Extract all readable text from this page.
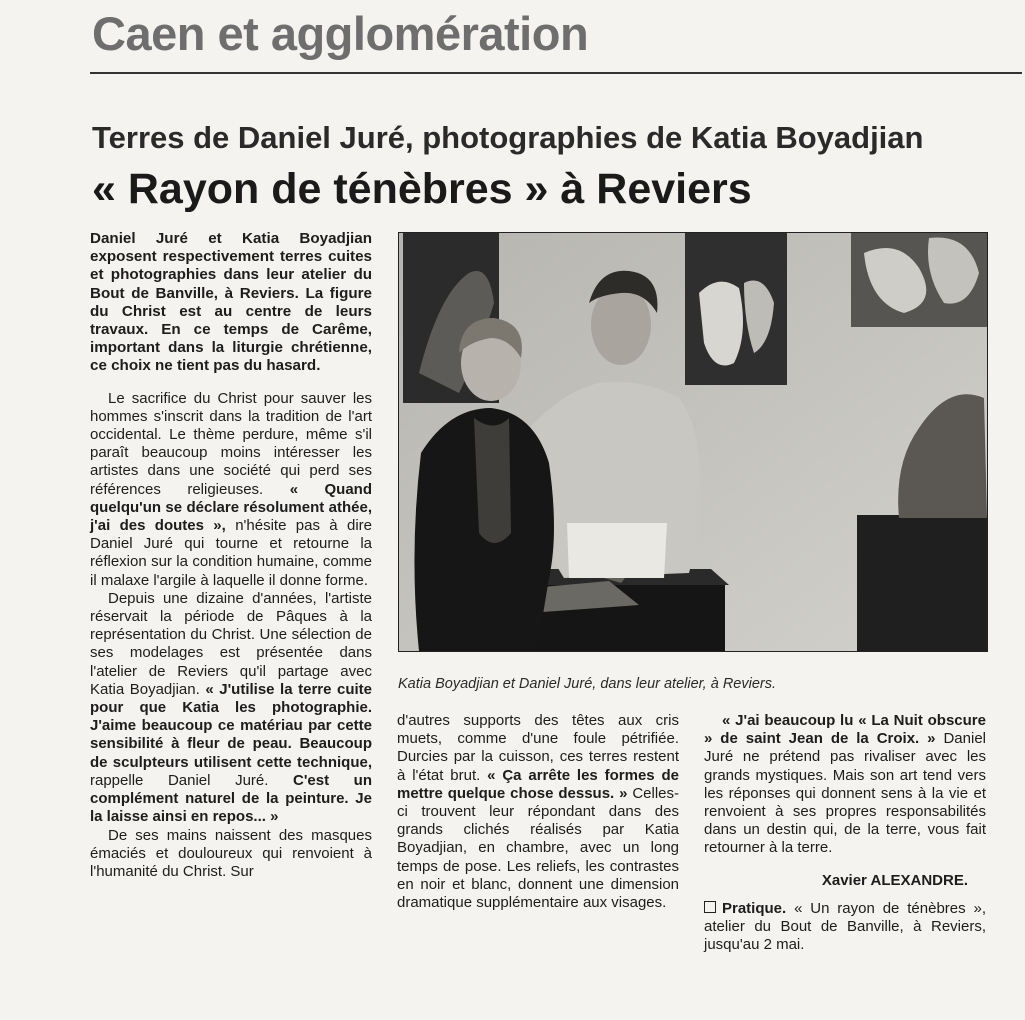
Caen et agglomération
Terres de Daniel Juré, photographies de Katia Boyadjian
« Rayon de ténèbres » à Reviers

Daniel Juré et Katia Boyadjian exposent respectivement terres cuites et photographies dans leur atelier du Bout de Banville, à Reviers. La figure du Christ est au centre de leurs travaux. En ce temps de Carême, important dans la liturgie chrétienne, ce choix ne tient pas du hasard.

Le sacrifice du Christ pour sauver les hommes s'inscrit dans la tradition de l'art occidental. Le thème perdure, même s'il paraît beaucoup moins intéresser les artistes dans une société qui perd ses références religieuses. « Quand quelqu'un se déclare résolument athée, j'ai des doutes », n'hésite pas à dire Daniel Juré qui tourne et retourne la réflexion sur la condition humaine, comme il malaxe l'argile à laquelle il donne forme.

Depuis une dizaine d'années, l'artiste réservait la période de Pâques à la représentation du Christ. Une sélection de ses modelages est présentée dans l'atelier de Reviers qu'il partage avec Katia Boyadjian. « J'utilise la terre cuite pour que Katia les photographie. J'aime beaucoup ce matériau par cette sensibilité à fleur de peau. Beaucoup de sculpteurs utilisent cette technique, rappelle Daniel Juré. C'est un complément naturel de la peinture. Je la laisse ainsi en repos... »

De ses mains naissent des masques émaciés et douloureux qui renvoient à l'humanité du Christ. Sur

Katia Boyadjian et Daniel Juré, dans leur atelier, à Reviers.

d'autres supports des têtes aux cris muets, comme d'une foule pétrifiée. Durcies par la cuisson, ces terres restent à l'état brut. « Ça arrête les formes de mettre quelque chose dessus. » Celles-ci trouvent leur répondant dans des grands clichés réalisés par Katia Boyadjian, en chambre, avec un long temps de pose. Les reliefs, les contrastes en noir et blanc, donnent une dimension dramatique supplémentaire aux visages.

« J'ai beaucoup lu « La Nuit obscure » de saint Jean de la Croix. » Daniel Juré ne prétend pas rivaliser avec les grands mystiques. Mais son art tend vers les réponses qui donnent sens à la vie et renvoient à ses propres responsabilités dans un destin qui, de la terre, vous fait retourner à la terre.

Xavier ALEXANDRE.

Pratique. « Un rayon de ténèbres », atelier du Bout de Banville, à Reviers, jusqu'au 2 mai.
